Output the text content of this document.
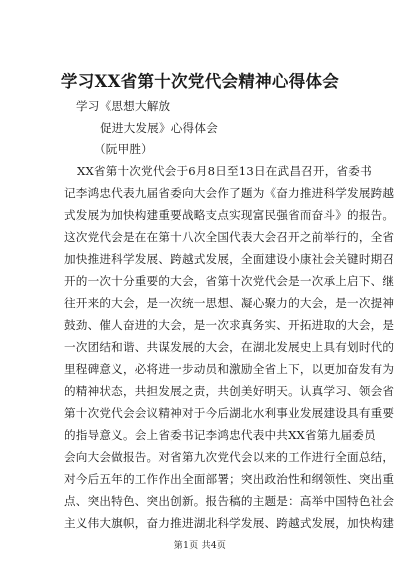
学习XX省第十次党代会精神心得体会
学习《思想大解放
促进大发展》心得体会
（阮甲胜）
XX省第十次党代会于6月8日至13日在武昌召开，省委书
记李鸿忠代表九届省委向大会作了题为《奋力推进科学发展跨越
式发展为加快构建重要战略支点实现富民强省而奋斗》的报告。
这次党代会是在在第十八次全国代表大会召开之前举行的，全省
加快推进科学发展、跨越式发展，全面建设小康社会关键时期召
开的一次十分重要的大会，省第十次党代会是一次承上启下、继
往开来的大会，是一次统一思想、凝心聚力的大会，是一次提神
鼓劲、催人奋进的大会，是一次求真务实、开拓进取的大会，是
一次团结和谐、共谋发展的大会，在湖北发展史上具有划时代的
里程碑意义，必将进一步动员和激励全省上下，以更加奋发有为
的精神状态，共担发展之责，共创美好明天。认真学习、领会省
第十次党代会会议精神对于今后湖北水利事业发展建设具有重要
的指导意义。会上省委书记李鸿忠代表中共XX省第九届委员
会向大会做报告。对省第九次党代会以来的工作进行全面总结，
对今后五年的工作作出全面部署；突出政治性和纲领性、突出重
点、突出特色、突出创新。报告稿的主题是：高举中国特色社会
主义伟大旗帜，奋力推进湖北科学发展、跨越式发展，加快构建
第1页 共4页
